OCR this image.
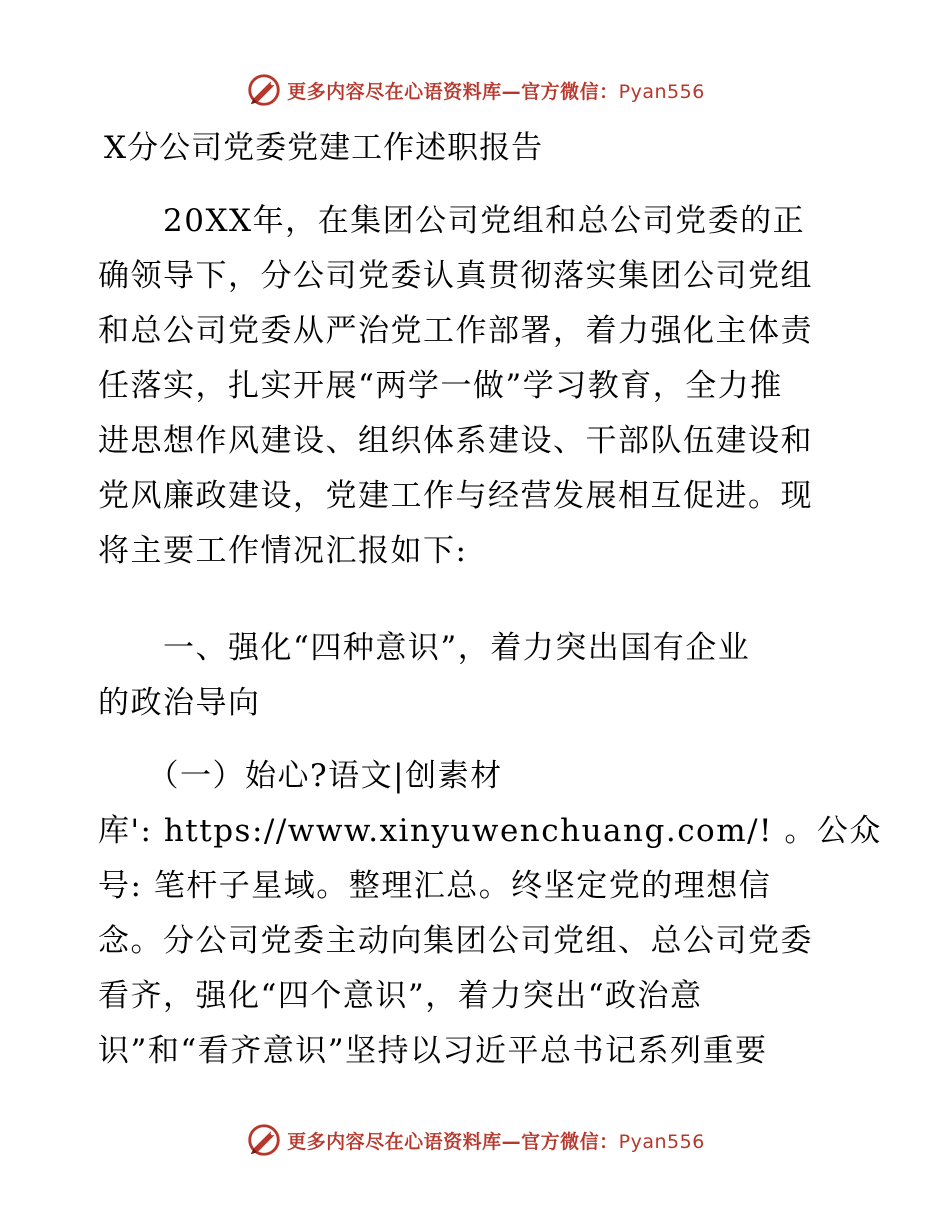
更多内容尽在心语资料库—官方微信：Pyan556
X分公司党委党建工作述职报告
　　20XX年，在集团公司党组和总公司党委的正
确领导下，分公司党委认真贯彻落实集团公司党组
和总公司党委从严治党工作部署，着力强化主体责
任落实，扎实开展“两学一做”学习教育，全力推
进思想作风建设、组织体系建设、干部队伍建设和
党风廉政建设，党建工作与经营发展相互促进。现
将主要工作情况汇报如下:
　　一、强化“四种意识”，着力突出国有企业
的政治导向
　　（一）始心?语文|创素材
库': https://www.xinyuwenchuang.com/! 。公众
号: 笔杆子星域。整理汇总。终坚定党的理想信
念。分公司党委主动向集团公司党组、总公司党委
看齐，强化“四个意识”，着力突出“政治意
识”和“看齐意识”坚持以习近平总书记系列重要
更多内容尽在心语资料库—官方微信：Pyan556
